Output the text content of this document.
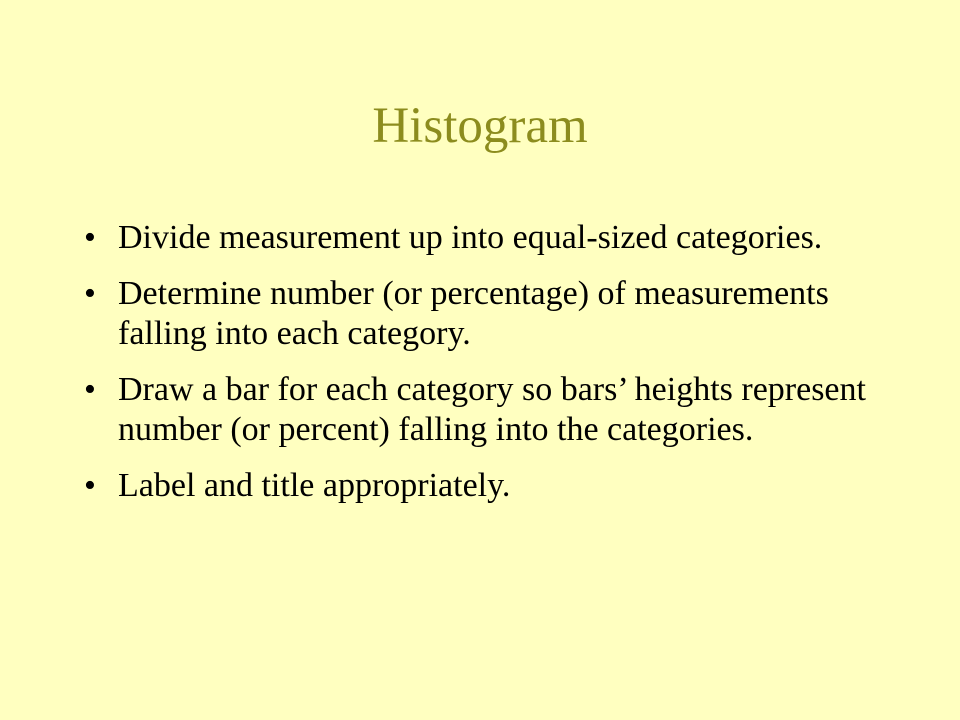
Histogram
• Divide measurement up into equal-sized categories.
• Determine number (or percentage) of measurements falling into each category.
• Draw a bar for each category so bars’ heights represent number (or percent) falling into the categories.
• Label and title appropriately.
